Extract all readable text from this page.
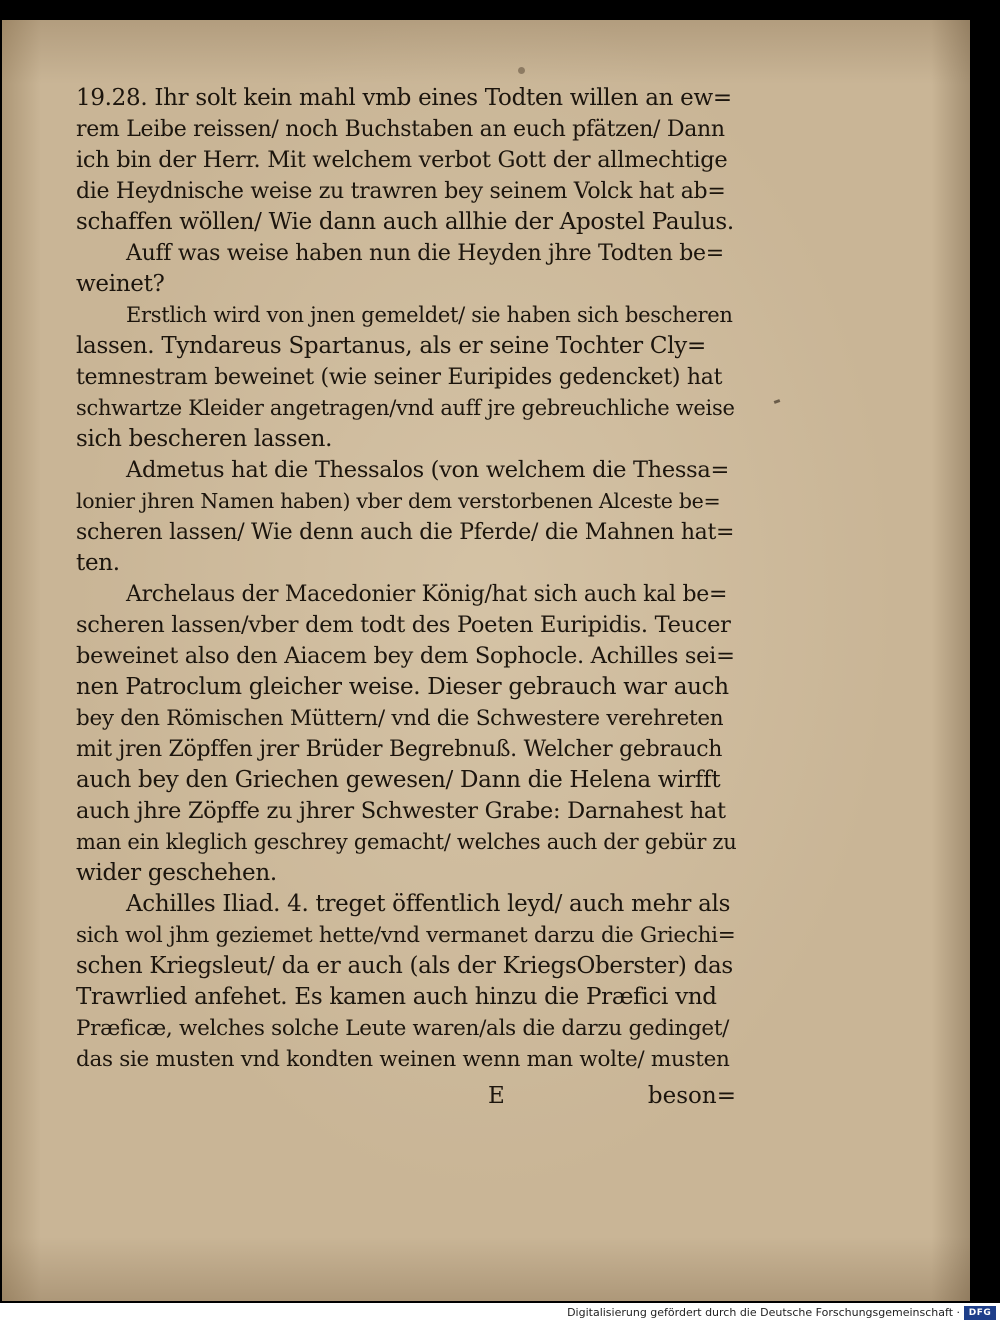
19.28. Ihr solt kein mahl vmb eines Todten willen an ew=
rem Leibe reissen/ noch Buchstaben an euch pfätzen/ Dann
ich bin der Herr. Mit welchem verbot Gott der allmechtige
die Heydnische weise zu trawren bey seinem Volck hat ab=
schaffen wöllen/ Wie dann auch allhie der Apostel Paulus.
Auff was weise haben nun die Heyden jhre Todten be=
weinet?
Erstlich wird von jnen gemeldet/ sie haben sich bescheren
lassen. Tyndareus Spartanus, als er seine Tochter Cly=
temnestram beweinet (wie seiner Euripides gedencket) hat
schwartze Kleider angetragen/vnd auff jre gebreuchliche weise
sich bescheren lassen.
Admetus hat die Thessalos (von welchem die Thessa=
lonier jhren Namen haben) vber dem verstorbenen Alceste be=
scheren lassen/ Wie denn auch die Pferde/ die Mahnen hat=
ten.
Archelaus der Macedonier König/hat sich auch kal be=
scheren lassen/vber dem todt des Poeten Euripidis. Teucer
beweinet also den Aiacem bey dem Sophocle. Achilles sei=
nen Patroclum gleicher weise. Dieser gebrauch war auch
bey den Römischen Müttern/ vnd die Schwestere verehreten
mit jren Zöpffen jrer Brüder Begrebnuß. Welcher gebrauch
auch bey den Griechen gewesen/ Dann die Helena wirfft
auch jhre Zöpffe zu jhrer Schwester Grabe: Darnahest hat
man ein kleglich geschrey gemacht/ welches auch der gebür zu
wider geschehen.
Achilles Iliad. 4. treget öffentlich leyd/ auch mehr als
sich wol jhm geziemet hette/vnd vermanet darzu die Griechi=
schen Kriegsleut/ da er auch (als der KriegsOberster) das
Trawrlied anfehet. Es kamen auch hinzu die Præfici vnd
Præficæ, welches solche Leute waren/als die darzu gedinget/
das sie musten vnd kondten weinen wenn man wolte/ musten
E	beson=
Digitalisierung gefördert durch die Deutsche Forschungsgemeinschaft · DFG
